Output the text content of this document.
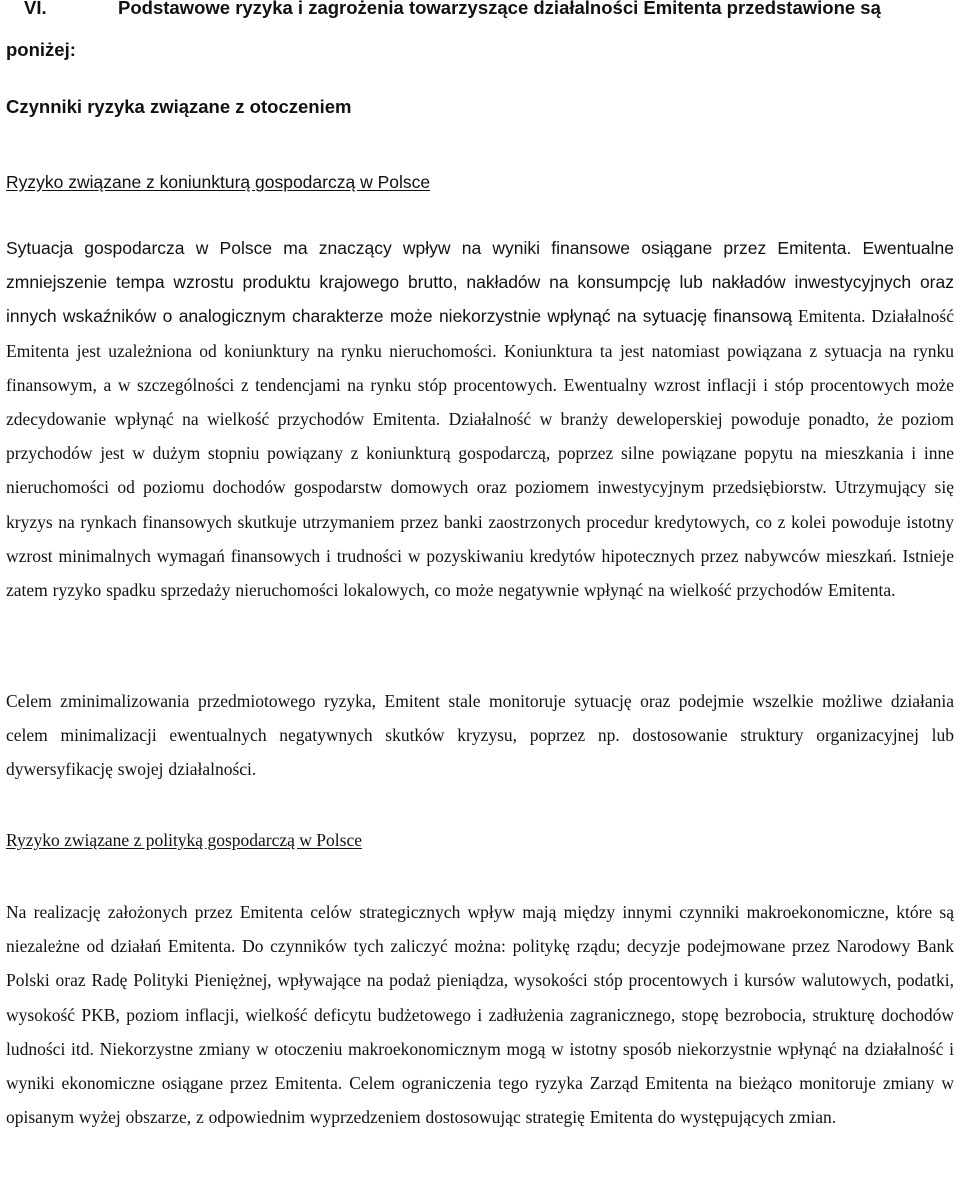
VI.	Podstawowe ryzyka i zagrożenia towarzyszące działalności Emitenta przedstawione są
poniżej:
Czynniki ryzyka związane z otoczeniem
Ryzyko związane z koniunkturą gospodarczą w Polsce
Sytuacja gospodarcza w Polsce ma znaczący wpływ na wyniki finansowe osiągane przez Emitenta. Ewentualne zmniejszenie tempa wzrostu produktu krajowego brutto, nakładów na konsumpcję lub nakładów inwestycyjnych oraz innych wskaźników o analogicznym charakterze może niekorzystnie wpłynąć na sytuację finansową Emitenta. Działalność Emitenta jest uzależniona od koniunktury na rynku nieruchomości. Koniunktura ta jest natomiast powiązana z sytuacja na rynku finansowym, a w szczególności z tendencjami na rynku stóp procentowych. Ewentualny wzrost inflacji i stóp procentowych może zdecydowanie wpłynąć na wielkość przychodów Emitenta. Działalność w branży deweloperskiej powoduje ponadto, że poziom przychodów jest w dużym stopniu powiązany z koniunkturą gospodarczą, poprzez silne powiązane popytu na mieszkania i inne nieruchomości od poziomu dochodów gospodarstw domowych oraz poziomem inwestycyjnym przedsiębiorstw. Utrzymujący się kryzys na rynkach finansowych skutkuje utrzymaniem przez banki zaostrzonych procedur kredytowych, co z kolei powoduje istotny wzrost minimalnych wymagań finansowych i trudności w pozyskiwaniu kredytów hipotecznych przez nabywców mieszkań. Istnieje zatem ryzyko spadku sprzedaży nieruchomości lokalowych, co może negatywnie wpłynąć na wielkość przychodów Emitenta.
Celem zminimalizowania przedmiotowego ryzyka, Emitent stale monitoruje sytuację oraz podejmie wszelkie możliwe działania celem minimalizacji ewentualnych negatywnych skutków kryzysu, poprzez np. dostosowanie struktury organizacyjnej lub dywersyfikację swojej działalności.
Ryzyko związane z polityką gospodarczą w Polsce
Na realizację założonych przez Emitenta celów strategicznych wpływ mają między innymi czynniki makroekonomiczne, które są niezależne od działań Emitenta. Do czynników tych zaliczyć można: politykę rządu; decyzje podejmowane przez Narodowy Bank Polski oraz Radę Polityki Pieniężnej, wpływające na podaż pieniądza, wysokości stóp procentowych i kursów walutowych, podatki, wysokość PKB, poziom inflacji, wielkość deficytu budżetowego i zadłużenia zagranicznego, stopę bezrobocia, strukturę dochodów ludności itd. Niekorzystne zmiany w otoczeniu makroekonomicznym mogą w istotny sposób niekorzystnie wpłynąć na działalność i wyniki ekonomiczne osiągane przez Emitenta. Celem ograniczenia tego ryzyka Zarząd Emitenta na bieżąco monitoruje zmiany w opisanym wyżej obszarze, z odpowiednim wyprzedzeniem dostosowując strategię Emitenta do występujących zmian.
